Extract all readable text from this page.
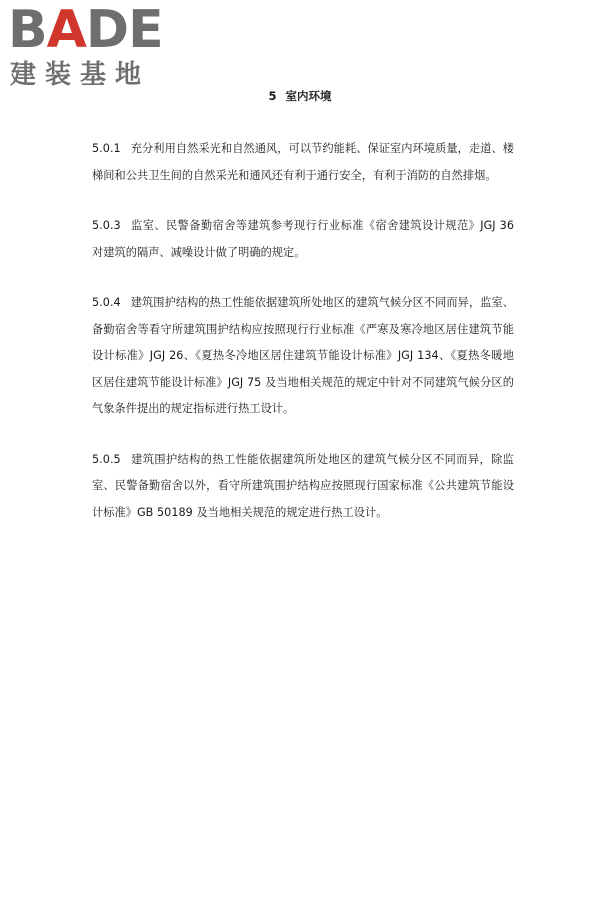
BADE
建装基地
5 室内环境

5.0.1 充分利用自然采光和自然通风，可以节约能耗、保证室内环境质量，走道、楼梯间和公共卫生间的自然采光和通风还有利于通行安全，有利于消防的自然排烟。

5.0.3 监室、民警备勤宿舍等建筑参考现行行业标准《宿舍建筑设计规范》JGJ 36 对建筑的隔声、减噪设计做了明确的规定。

5.0.4 建筑围护结构的热工性能依据建筑所处地区的建筑气候分区不同而异，监室、备勤宿舍等看守所建筑围护结构应按照现行行业标准《严寒及寒冷地区居住建筑节能设计标准》JGJ 26、《夏热冬冷地区居住建筑节能设计标准》JGJ 134、《夏热冬暖地区居住建筑节能设计标准》JGJ 75 及当地相关规范的规定中针对不同建筑气候分区的气象条件提出的规定指标进行热工设计。

5.0.5 建筑围护结构的热工性能依据建筑所处地区的建筑气候分区不同而异，除监室、民警备勤宿舍以外，看守所建筑围护结构应按照现行国家标准《公共建筑节能设计标准》GB 50189 及当地相关规范的规定进行热工设计。
